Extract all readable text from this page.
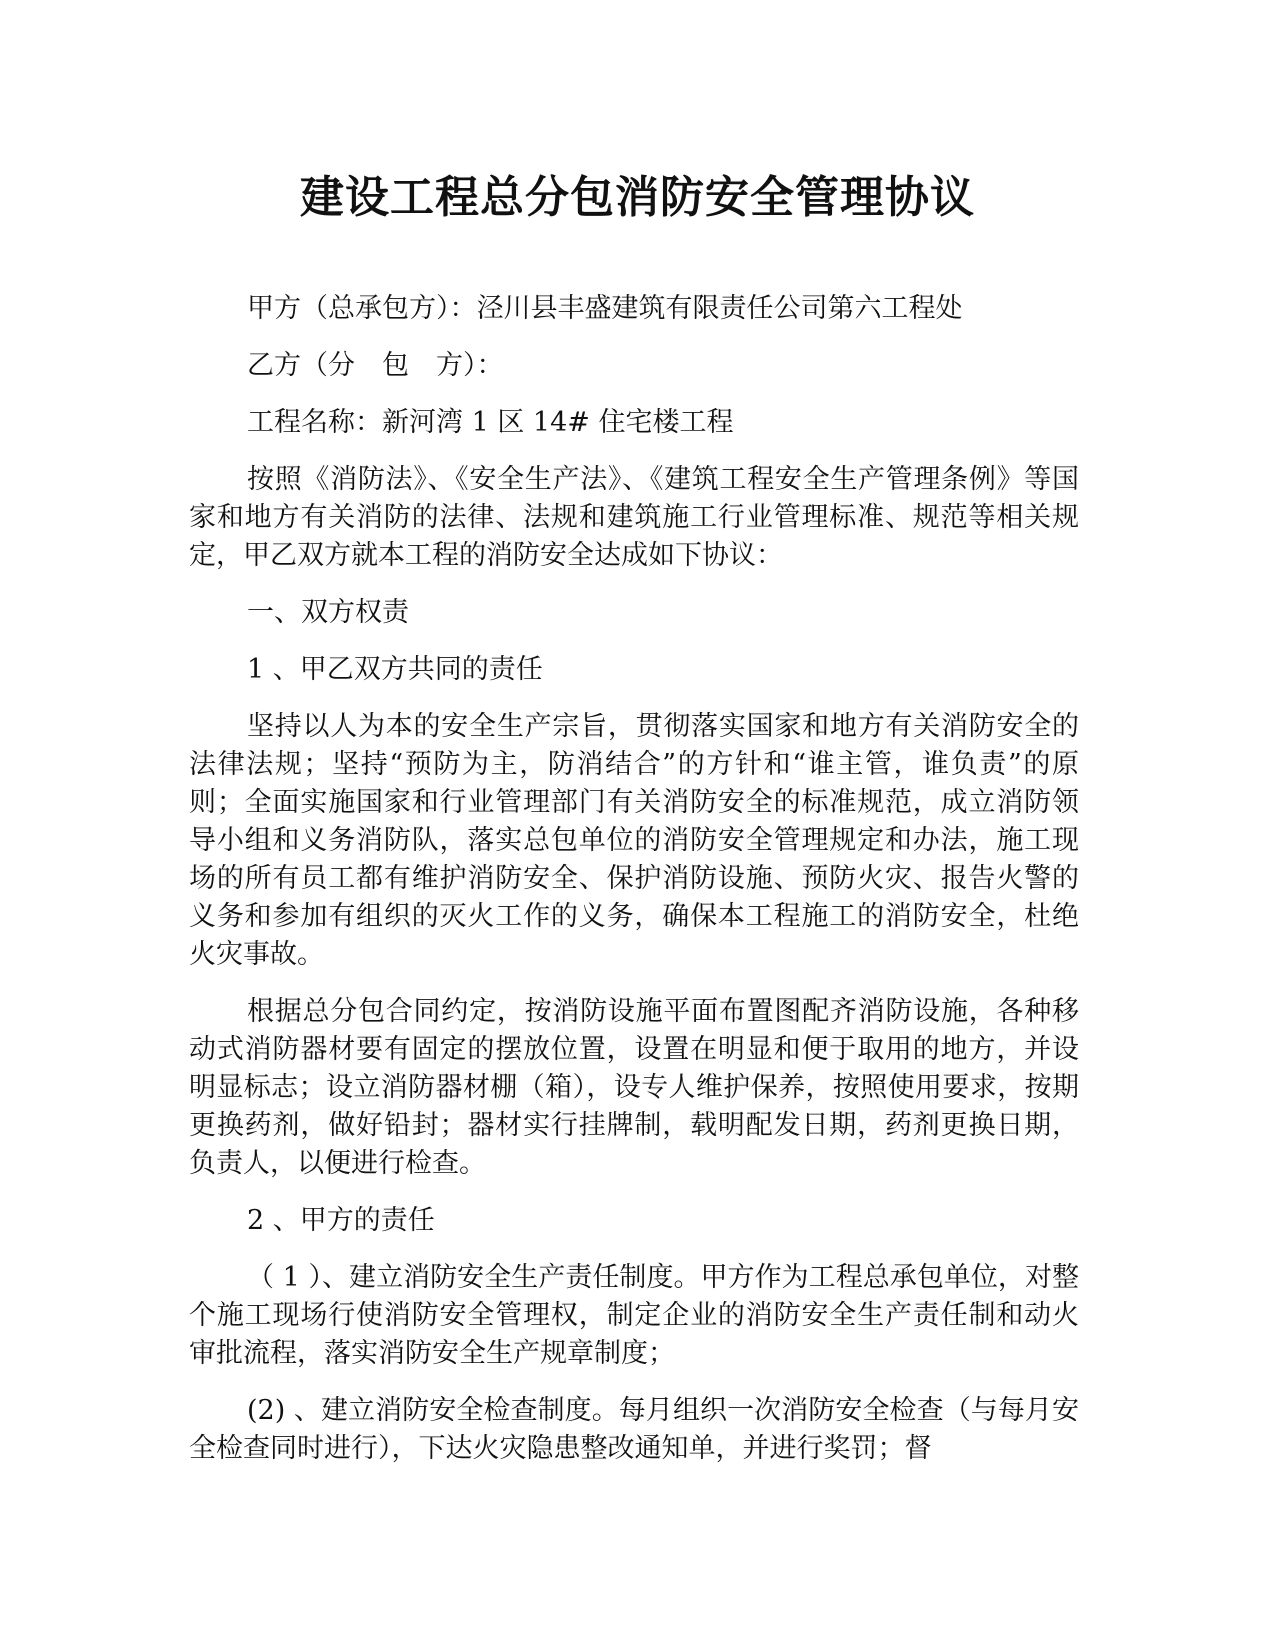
建设工程总分包消防安全管理协议

甲方（总承包方）：泾川县丰盛建筑有限责任公司第六工程处

乙方（分　包　方）：

工程名称：新河湾 1 区 14# 住宅楼工程

按照《消防法》、《安全生产法》、《建筑工程安全生产管理条例》等国家和地方有关消防的法律、法规和建筑施工行业管理标准、规范等相关规定，甲乙双方就本工程的消防安全达成如下协议：

一、双方权责

1 、甲乙双方共同的责任

坚持以人为本的安全生产宗旨，贯彻落实国家和地方有关消防安全的法律法规；坚持“预防为主，防消结合”的方针和“谁主管，谁负责”的原则；全面实施国家和行业管理部门有关消防安全的标准规范，成立消防领导小组和义务消防队，落实总包单位的消防安全管理规定和办法，施工现场的所有员工都有维护消防安全、保护消防设施、预防火灾、报告火警的义务和参加有组织的灭火工作的义务，确保本工程施工的消防安全，杜绝火灾事故。

根据总分包合同约定，按消防设施平面布置图配齐消防设施，各种移动式消防器材要有固定的摆放位置，设置在明显和便于取用的地方，并设明显标志；设立消防器材棚（箱），设专人维护保养，按照使用要求，按期更换药剂，做好铅封；器材实行挂牌制，载明配发日期，药剂更换日期，负责人，以便进行检查。

2 、甲方的责任

（ 1 ）、建立消防安全生产责任制度。甲方作为工程总承包单位，对整个施工现场行使消防安全管理权，制定企业的消防安全生产责任制和动火审批流程，落实消防安全生产规章制度；

(2) 、建立消防安全检查制度。每月组织一次消防安全检查（与每月安全检查同时进行），下达火灾隐患整改通知单，并进行奖罚；督
